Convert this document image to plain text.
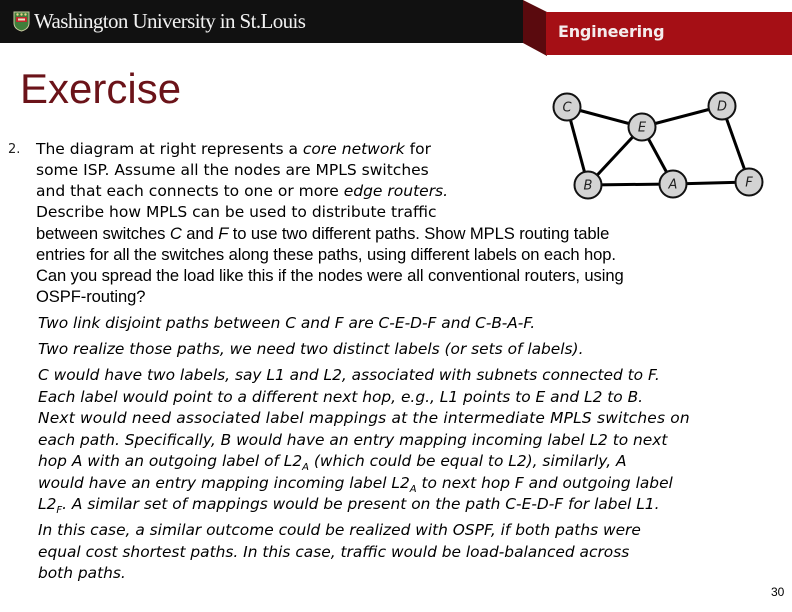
Washington University in St.Louis	Engineering
Exercise
2. The diagram at right represents a core network for
some ISP. Assume all the nodes are MPLS switches
and that each connects to one or more edge routers.
Describe how MPLS can be used to distribute traffic
between switches C and F to use two different paths. Show MPLS routing table
entries for all the switches along these paths, using different labels on each hop.
Can you spread the load like this if the nodes were all conventional routers, using
OSPF-routing?
Two link disjoint paths between C and F are C-E-D-F and C-B-A-F.
Two realize those paths, we need two distinct labels (or sets of labels).
C would have two labels, say L1 and L2, associated with subnets connected to F.
Each label would point to a different next hop, e.g., L1 points to E and L2 to B.
Next would need associated label mappings at the intermediate MPLS switches on
each path. Specifically, B would have an entry mapping incoming label L2 to next
hop A with an outgoing label of $L2_A$ (which could be equal to L2), similarly, A
would have an entry mapping incoming label $L2_A$ to next hop F and outgoing label
$L2_F$. A similar set of mappings would be present on the path C-E-D-F for label L1.
In this case, a similar outcome could be realized with OSPF, if both paths were
equal cost shortest paths. In this case, traffic would be load-balanced across
both paths.
C
E
D
B	A	F
30
